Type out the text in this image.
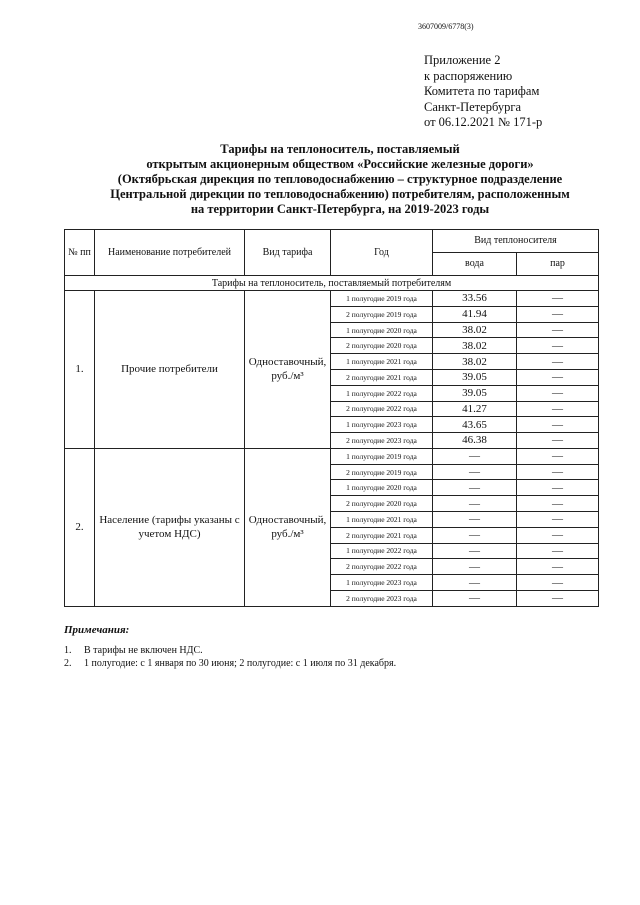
3607009/6778(3)
Приложение 2
к распоряжению
Комитета по тарифам
Санкт-Петербурга
от 06.12.2021 № 171-р
Тарифы на теплоноситель, поставляемый
открытым акционерным обществом «Российские железные дороги»
(Октябрьская дирекция по тепловодоснабжению – структурное подразделение
Центральной дирекции по тепловодоснабжению) потребителям, расположенным
на территории Санкт-Петербурга, на 2019-2023 годы
№ пп	Наименование потребителей	Вид тарифа	Год	Вид теплоносителя	
				вода	пар
Тарифы на теплоноситель, поставляемый потребителям					
1.	Прочие потребители	Одноставочный, руб./м³	1 полугодие 2019 года	33.56	—
			2 полугодие 2019 года	41.94	—
			1 полугодие 2020 года	38.02	—
			2 полугодие 2020 года	38.02	—
			1 полугодие 2021 года	38.02	—
			2 полугодие 2021 года	39.05	—
			1 полугодие 2022 года	39.05	—
			2 полугодие 2022 года	41.27	—
			1 полугодие 2023 года	43.65	—
			2 полугодие 2023 года	46.38	—
2.	Население (тарифы указаны с учетом НДС)	Одноставочный, руб./м³	1 полугодие 2019 года	—	—
			2 полугодие 2019 года	—	—
			1 полугодие 2020 года	—	—
			2 полугодие 2020 года	—	—
			1 полугодие 2021 года	—	—
			2 полугодие 2021 года	—	—
			1 полугодие 2022 года	—	—
			2 полугодие 2022 года	—	—
			1 полугодие 2023 года	—	—
			2 полугодие 2023 года	—	—
Примечания:
1. В тарифы не включен НДС.
2. 1 полугодие: с 1 января по 30 июня; 2 полугодие: с 1 июля по 31 декабря.
